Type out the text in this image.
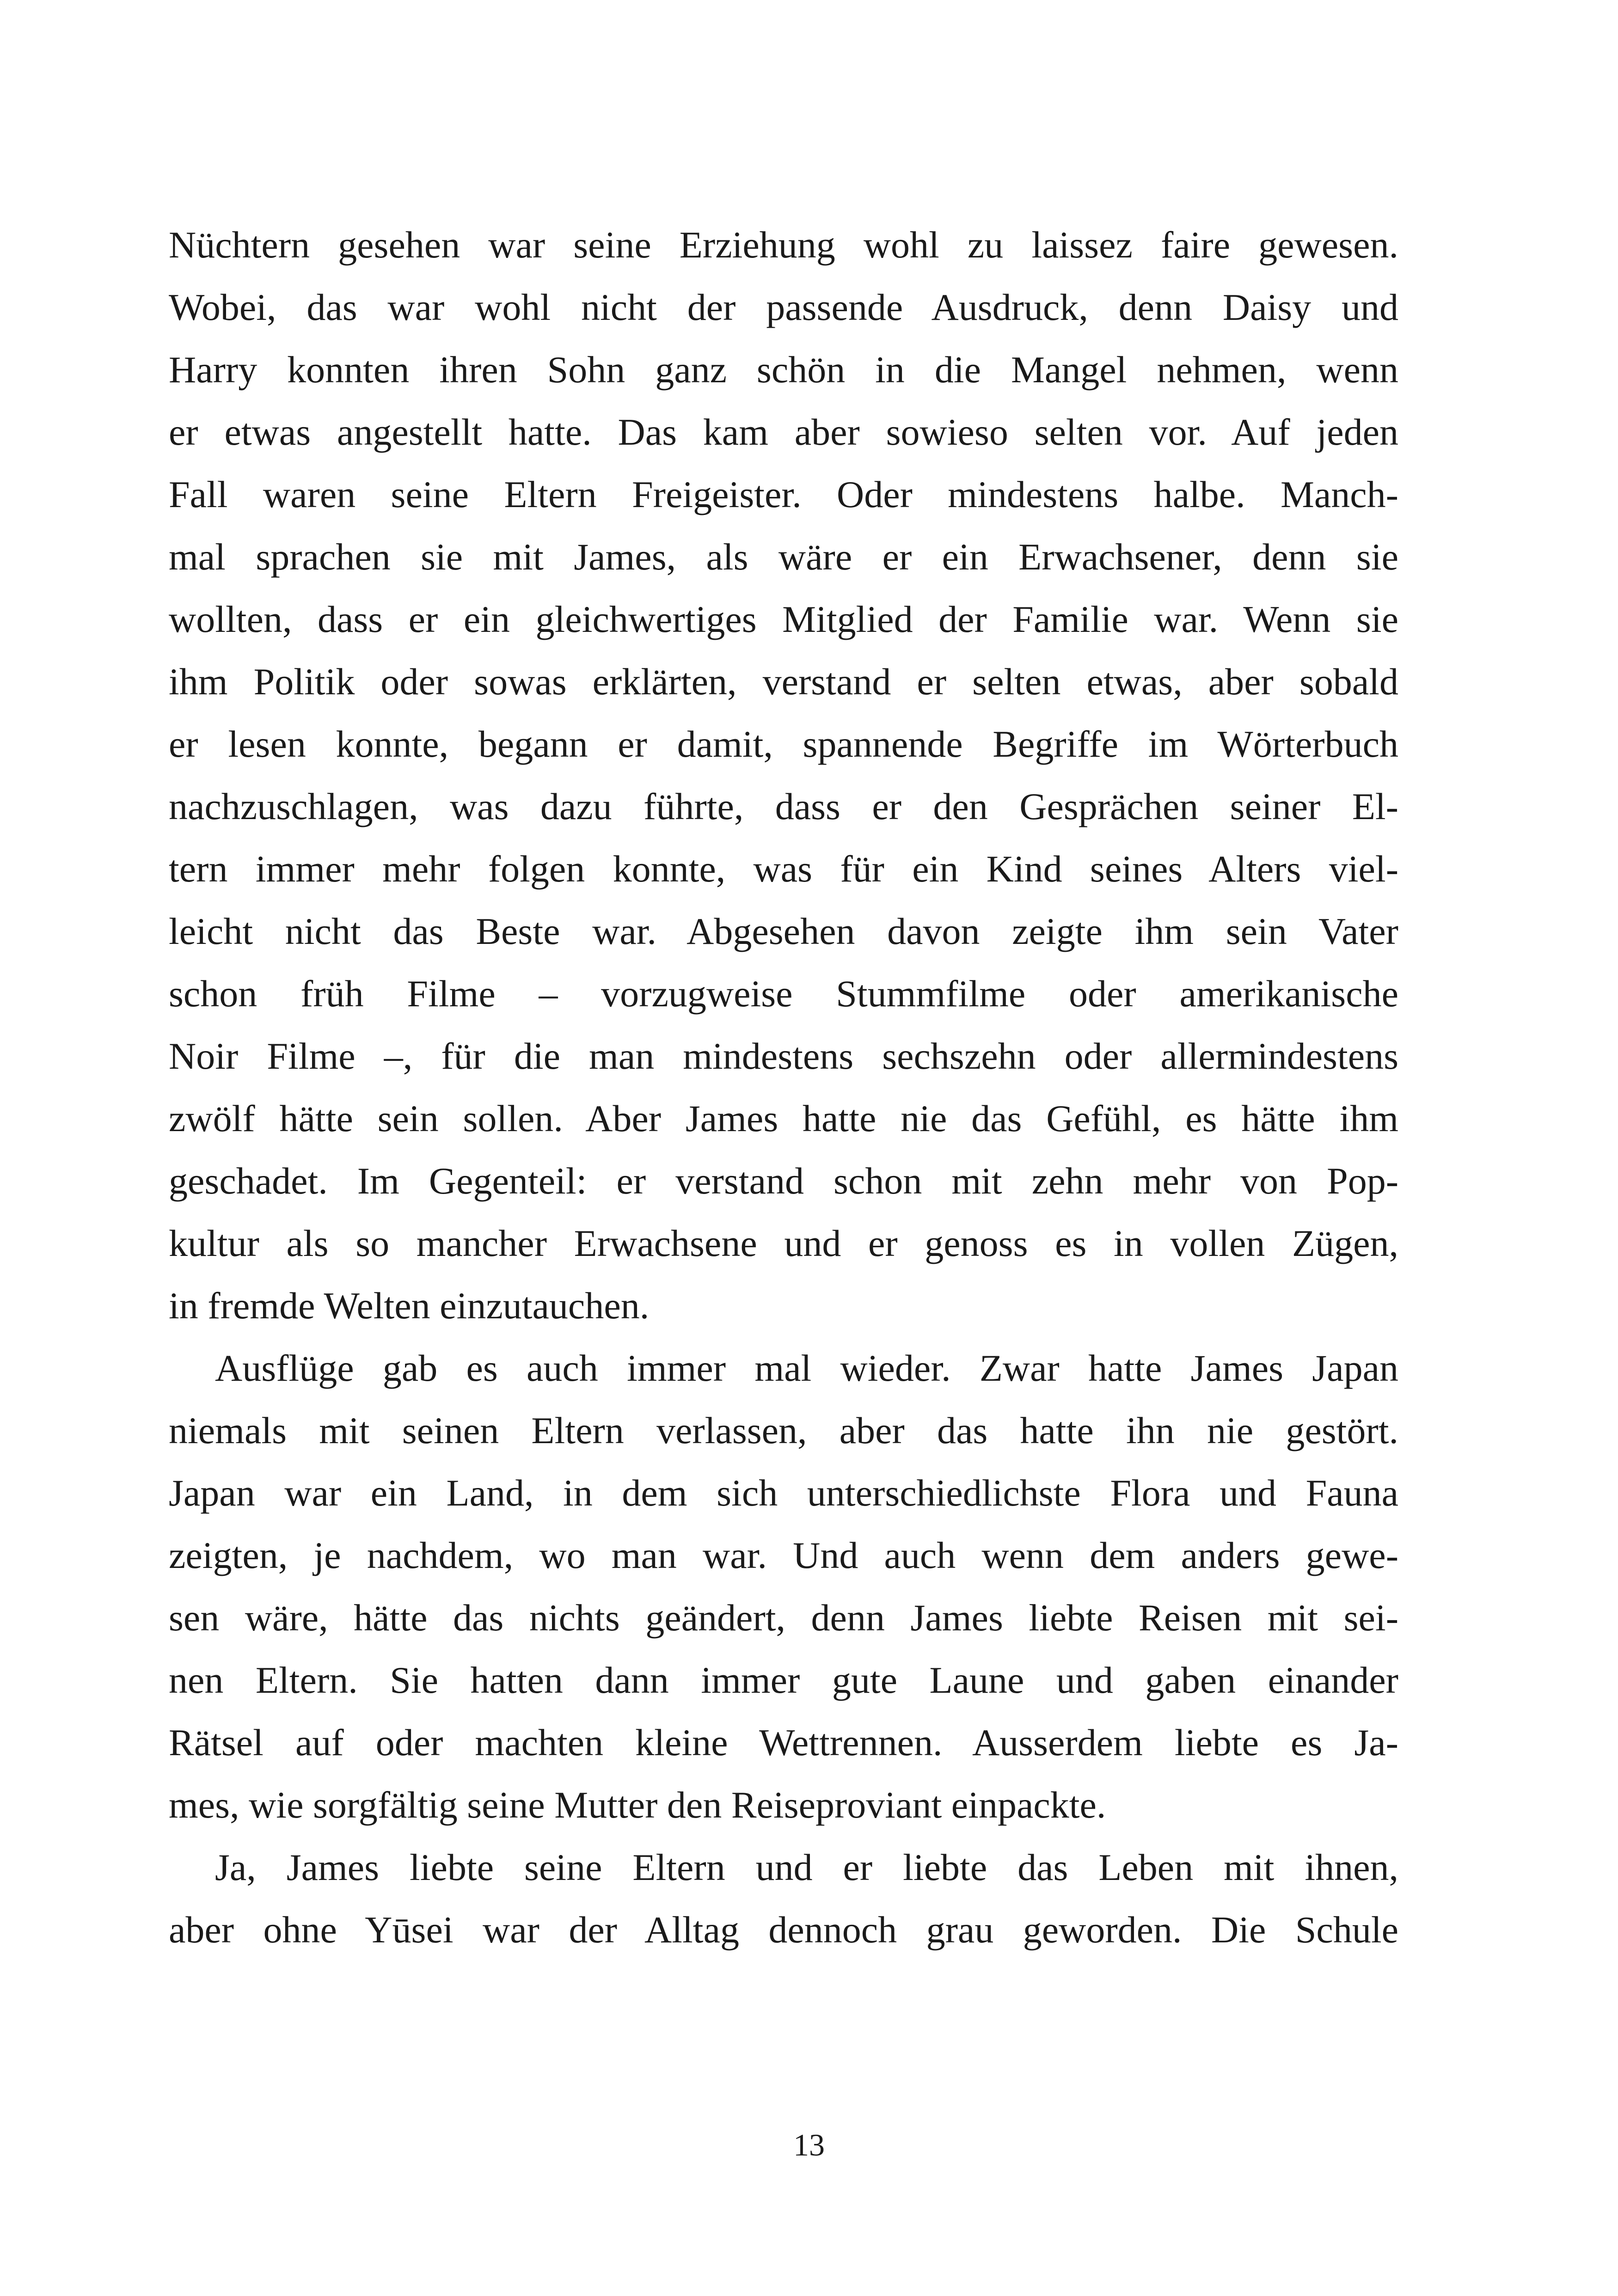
Nüchtern gesehen war seine Erziehung wohl zu laissez faire gewesen.
Wobei, das war wohl nicht der passende Ausdruck, denn Daisy und
Harry konnten ihren Sohn ganz schön in die Mangel nehmen, wenn
er etwas angestellt hatte. Das kam aber sowieso selten vor. Auf jeden
Fall waren seine Eltern Freigeister. Oder mindestens halbe. Manch-
mal sprachen sie mit James, als wäre er ein Erwachsener, denn sie
wollten, dass er ein gleichwertiges Mitglied der Familie war. Wenn sie
ihm Politik oder sowas erklärten, verstand er selten etwas, aber sobald
er lesen konnte, begann er damit, spannende Begriffe im Wörterbuch
nachzuschlagen, was dazu führte, dass er den Gesprächen seiner El-
tern immer mehr folgen konnte, was für ein Kind seines Alters viel-
leicht nicht das Beste war. Abgesehen davon zeigte ihm sein Vater
schon früh Filme – vorzugweise Stummfilme oder amerikanische
Noir Filme –, für die man mindestens sechszehn oder allermindestens
zwölf hätte sein sollen. Aber James hatte nie das Gefühl, es hätte ihm
geschadet. Im Gegenteil: er verstand schon mit zehn mehr von Pop-
kultur als so mancher Erwachsene und er genoss es in vollen Zügen,
in fremde Welten einzutauchen.
Ausflüge gab es auch immer mal wieder. Zwar hatte James Japan
niemals mit seinen Eltern verlassen, aber das hatte ihn nie gestört.
Japan war ein Land, in dem sich unterschiedlichste Flora und Fauna
zeigten, je nachdem, wo man war. Und auch wenn dem anders gewe-
sen wäre, hätte das nichts geändert, denn James liebte Reisen mit sei-
nen Eltern. Sie hatten dann immer gute Laune und gaben einander
Rätsel auf oder machten kleine Wettrennen. Ausserdem liebte es Ja-
mes, wie sorgfältig seine Mutter den Reiseproviant einpackte.
Ja, James liebte seine Eltern und er liebte das Leben mit ihnen,
aber ohne Yūsei war der Alltag dennoch grau geworden. Die Schule
13
